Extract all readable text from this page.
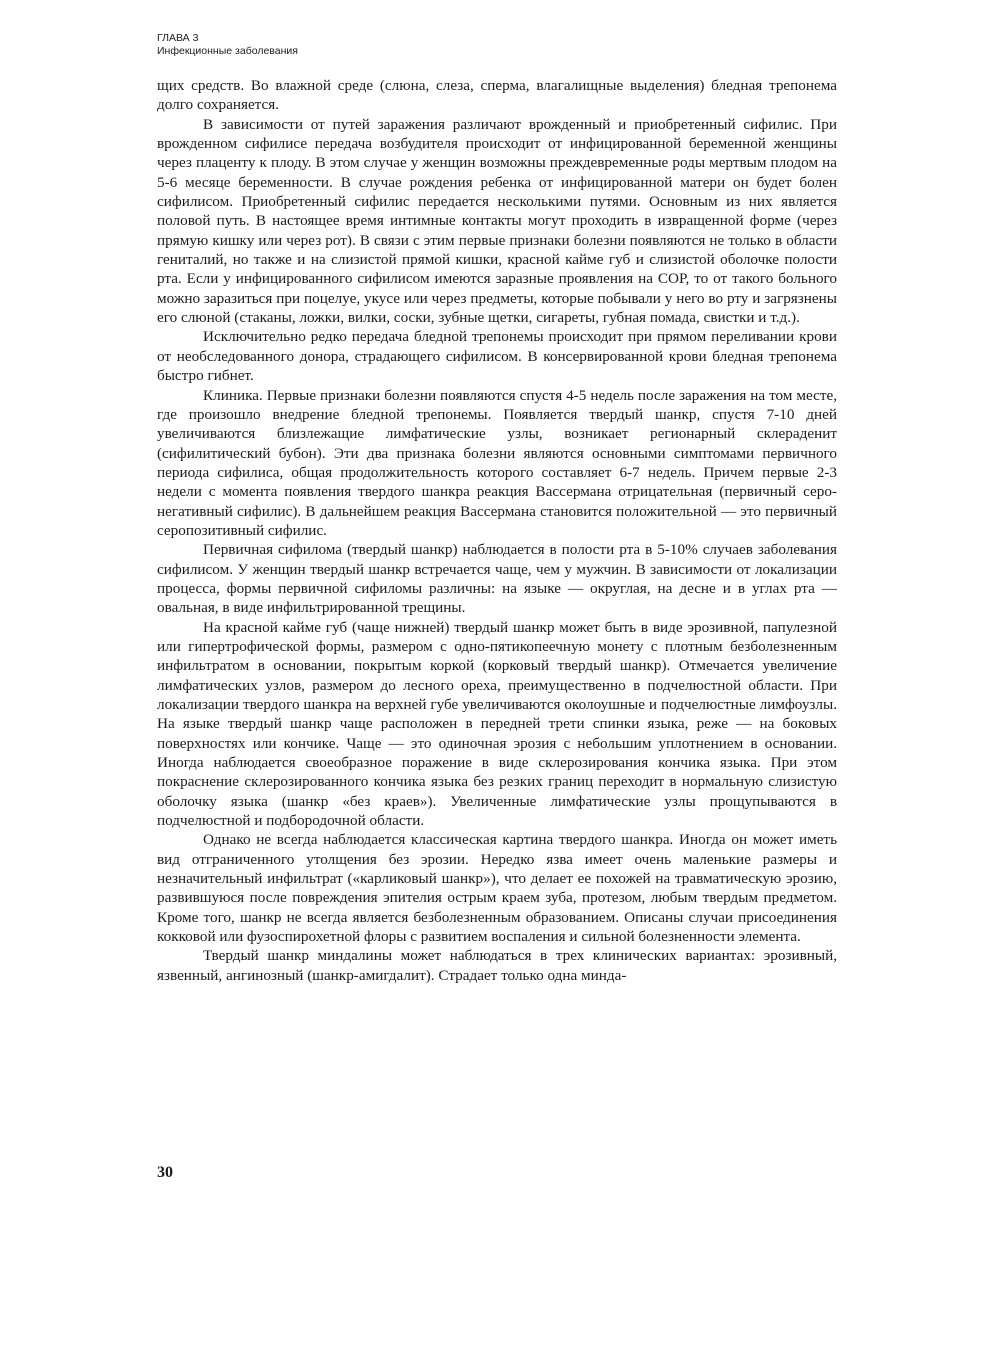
ГЛАВА 3
Инфекционные заболевания

щих средств. Во влажной среде (слюна, слеза, сперма, влагалищные выделения) бледная трепонема долго сохраняется.

В зависимости от путей заражения различают врожденный и приобретенный сифилис. При врожденном сифилисе передача возбудителя происходит от инфицированной беременной женщины через плаценту к плоду. В этом случае у женщин возможны преждевременные роды мертвым плодом на 5-6 месяце беременности. В случае рождения ребенка от инфицированной матери он будет болен сифилисом. Приобретенный сифилис передается несколькими путями. Основным из них является половой путь. В настоящее время интимные контакты могут проходить в извращенной форме (через прямую кишку или через рот). В связи с этим первые признаки болезни появляются не только в области гениталий, но также и на слизистой прямой кишки, красной кайме губ и слизистой оболочке полости рта. Если у инфицированного сифилисом имеются заразные проявления на СОР, то от такого больного можно заразиться при поцелуе, укусе или через предметы, которые побывали у него во рту и загрязнены его слюной (стаканы, ложки, вилки, соски, зубные щетки, сигареты, губная помада, свистки и т.д.).

Исключительно редко передача бледной трепонемы происходит при прямом переливании крови от необследованного донора, страдающего сифилисом. В консервированной крови бледная трепонема быстро гибнет.

Клиника. Первые признаки болезни появляются спустя 4-5 недель после заражения на том месте, где произошло внедрение бледной трепонемы. Появляется твердый шанкр, спустя 7-10 дней увеличиваются близлежащие лимфатические узлы, возникает регионарный склераденит (сифилитический бубон). Эти два признака болезни являются основными симптомами первичного периода сифилиса, общая продолжительность которого составляет 6-7 недель. Причем первые 2-3 недели с момента появления твердого шанкра реакция Вассермана отрицательная (первичный серо-негативный сифилис). В дальнейшем реакция Вассермана становится положительной — это первичный серопозитивный сифилис.

Первичная сифилома (твердый шанкр) наблюдается в полости рта в 5-10% случаев заболевания сифилисом. У женщин твердый шанкр встречается чаще, чем у мужчин. В зависимости от локализации процесса, формы первичной сифиломы различны: на языке — округлая, на десне и в углах рта — овальная, в виде инфильтрированной трещины.

На красной кайме губ (чаще нижней) твердый шанкр может быть в виде эрозивной, папулезной или гипертрофической формы, размером с одно-пятикопеечную монету с плотным безболезненным инфильтратом в основании, покрытым коркой (корковый твердый шанкр). Отмечается увеличение лимфатических узлов, размером до лесного ореха, преимущественно в подчелюстной области. При локализации твердого шанкра на верхней губе увеличиваются околоушные и подчелюстные лимфоузлы. На языке твердый шанкр чаще расположен в передней трети спинки языка, реже — на боковых поверхностях или кончике. Чаще — это одиночная эрозия с небольшим уплотнением в основании. Иногда наблюдается своеобразное поражение в виде склерозирования кончика языка. При этом покраснение склерозированного кончика языка без резких границ переходит в нормальную слизистую оболочку языка (шанкр «без краев»). Увеличенные лимфатические узлы прощупываются в подчелюстной и подбородочной области.

Однако не всегда наблюдается классическая картина твердого шанкра. Иногда он может иметь вид отграниченного утолщения без эрозии. Нередко язва имеет очень маленькие размеры и незначительный инфильтрат («карликовый шанкр»), что делает ее похожей на травматическую эрозию, развившуюся после повреждения эпителия острым краем зуба, протезом, любым твердым предметом. Кроме того, шанкр не всегда является безболезненным образованием. Описаны случаи присоединения кокковой или фузоспирохетной флоры с развитием воспаления и сильной болезненности элемента.

Твердый шанкр миндалины может наблюдаться в трех клинических вариантах: эрозивный, язвенный, ангинозный (шанкр-амигдалит). Страдает только одна минда-

30
